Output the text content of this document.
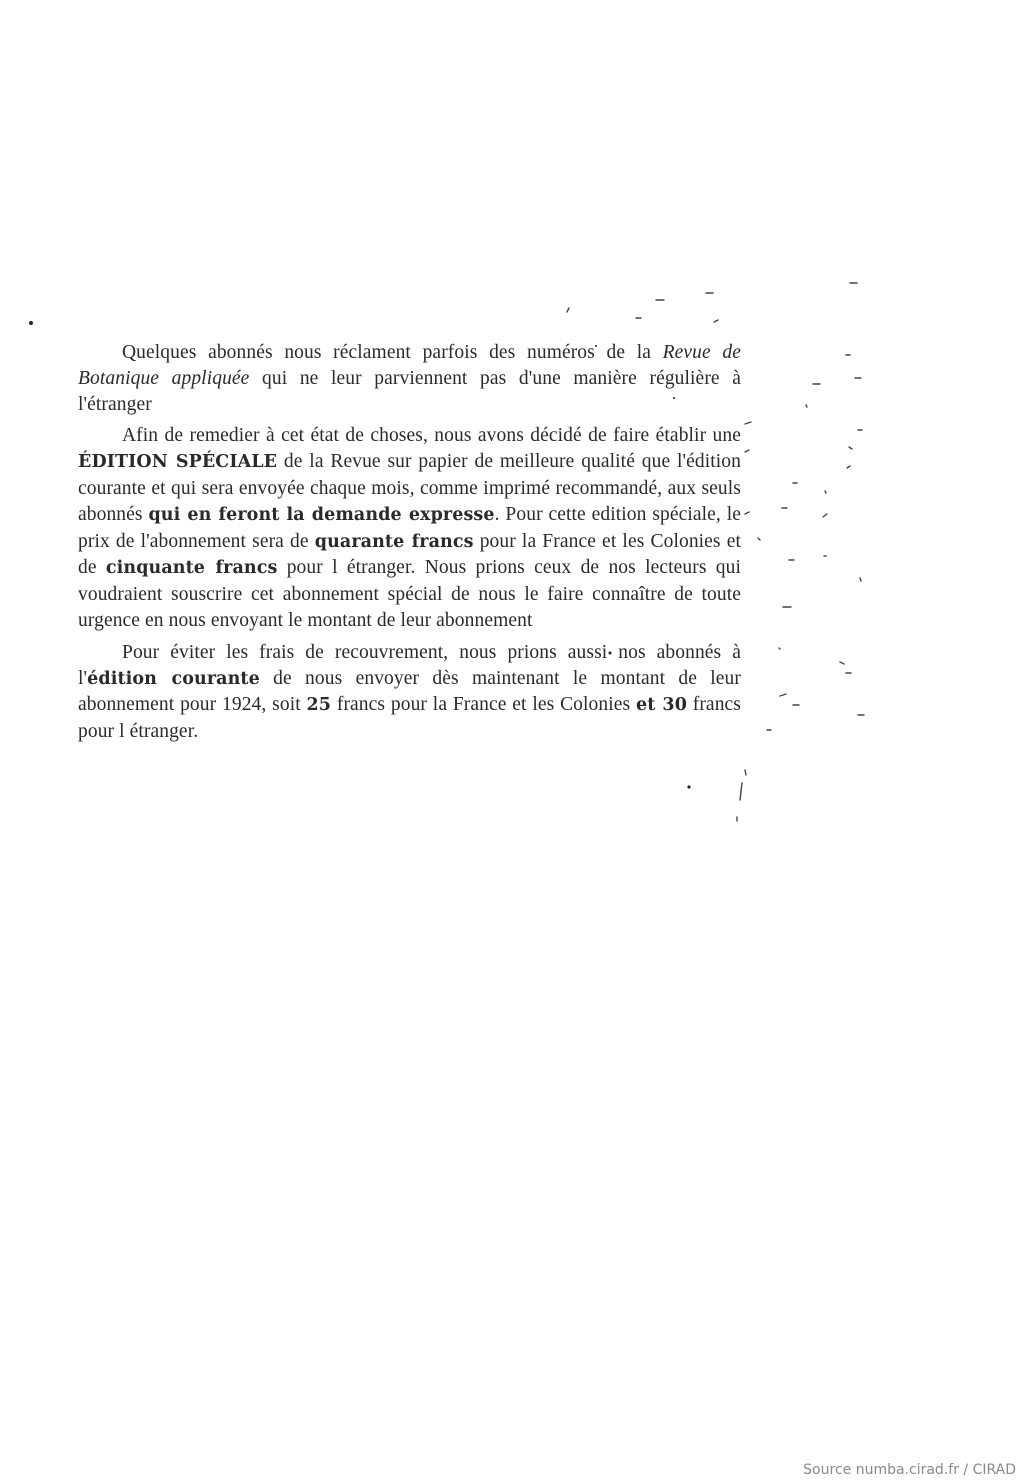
Quelques abonnés nous réclament parfois des numéros de la Revue de Botanique appliquée qui ne leur parviennent pas d'une manière régulière à l'étranger

Afin de remedier à cet état de choses, nous avons décidé de faire établir une ÉDITION SPÉCIALE de la Revue sur papier de meilleure qualité que l'édition courante et qui sera envoyée chaque mois, comme imprimé recommandé, aux seuls abonnés qui en feront la demande expresse. Pour cette edition spéciale, le prix de l'abonnement sera de quarante francs pour la France et les Colonies et de cinquante francs pour l étranger. Nous prions ceux de nos lecteurs qui voudraient souscrire cet abonnement spécial de nous le faire connaître de toute urgence en nous envoyant le montant de leur abonnement

Pour éviter les frais de recouvrement, nous prions aussi nos abonnés à l'édition courante de nous envoyer dès maintenant le montant de leur abonnement pour 1924, soit 25 francs pour la France et les Colonies et 30 francs pour l étranger.

Source numba.cirad.fr / CIRAD
